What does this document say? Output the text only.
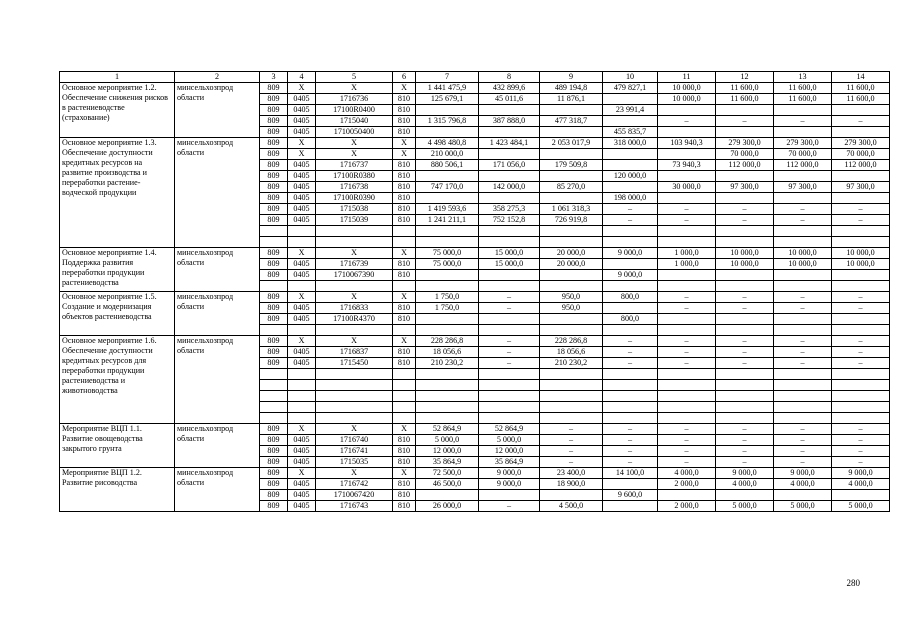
1	2	3	4	5	6	7	8	9	10	11	12	13	14
Основное мероприятие 1.2. Обеспечение снижения рисков в растениеводстве (страхование)	минсельхозпрод области	809	Х	Х	Х	1 441 475,9	432 899,6	489 194,8	479 827,1	10 000,0	11 600,0	11 600,0	11 600,0
		809	0405	1716736	810	125 679,1	45 011,6	11 876,1		10 000,0	11 600,0	11 600,0	11 600,0
		809	0405	17100R0400	810				23 991,4				
		809	0405	1715040	810	1 315 796,8	387 888,0	477 318,7		–	–	–	–
		809	0405	1710050400	810				455 835,7				
Основное мероприятие 1.3. Обеспечение доступности кредитных ресурсов на развитие производства и переработки растение-водческой продукции	минсельхозпрод области	809	Х	Х	Х	4 498 480,8	1 423 484,1	2 053 017,9	318 000,0	103 940,3	279 300,0	279 300,0	279 300,0
		809	Х	Х	Х	210 000,0					70 000,0	70 000,0	70 000,0
		809	0405	1716737	810	880 506,1	171 056,0	179 509,8		73 940,3	112 000,0	112 000,0	112 000,0
		809	0405	17100R0380	810				120 000,0				
		809	0405	1716738	810	747 170,0	142 000,0	85 270,0		30 000,0	97 300,0	97 300,0	97 300,0
		809	0405	17100R0390	810				198 000,0				
		809	0405	1715038	810	1 419 593,6	358 275,3	1 061 318,3	–	–	–	–	–
		809	0405	1715039	810	1 241 211,1	752 152,8	726 919,8	–	–	–	–	–

Основное мероприятие 1.4. Поддержка развития переработки продукции растениеводства	минсельхозпрод области	809	Х	Х	Х	75 000,0	15 000,0	20 000,0	9 000,0	1 000,0	10 000,0	10 000,0	10 000,0
		809	0405	1716739	810	75 000,0	15 000,0	20 000,0		1 000,0	10 000,0	10 000,0	10 000,0
		809	0405	1710067390	810				9 000,0				

Основное мероприятие 1.5. Создание и модернизация объектов растениеводства	минсельхозпрод области	809	Х	Х	Х	1 750,0	–	950,0	800,0	–	–	–	–
		809	0405	1716833	810	1 750,0	–	950,0		–	–	–	–
		809	0405	17100R4370	810				800,0				

Основное мероприятие 1.6. Обеспечение доступности кредитных ресурсов для переработки продукции растениеводства и животноводства	минсельхозпрод области	809	Х	Х	Х	228 286,8	–	228 286,8	–	–	–	–	–
		809	0405	1716837	810	18 056,6	–	18 056,6	–	–	–	–	–
		809	0405	1715450	810	210 230,2	–	210 230,2	–	–	–	–	–

Мероприятие ВЦП 1.1. Развитие овощеводства закрытого грунта	минсельхозпрод области	809	Х	Х	Х	52 864,9	52 864,9	–	–	–	–	–	–
		809	0405	1716740	810	5 000,0	5 000,0	–	–	–	–	–	–
		809	0405	1716741	810	12 000,0	12 000,0	–	–	–	–	–	–
		809	0405	1715035	810	35 864,9	35 864,9	–	–	–	–	–	–
Мероприятие ВЦП 1.2. Развитие рисоводства	минсельхозпрод области	809	Х	Х	Х	72 500,0	9 000,0	23 400,0	14 100,0	4 000,0	9 000,0	9 000,0	9 000,0
		809	0405	1716742	810	46 500,0	9 000,0	18 900,0		2 000,0	4 000,0	4 000,0	4 000,0
		809	0405	1710067420	810				9 600,0				
		809	0405	1716743	810	26 000,0	–	4 500,0		2 000,0	5 000,0	5 000,0	5 000,0
280
